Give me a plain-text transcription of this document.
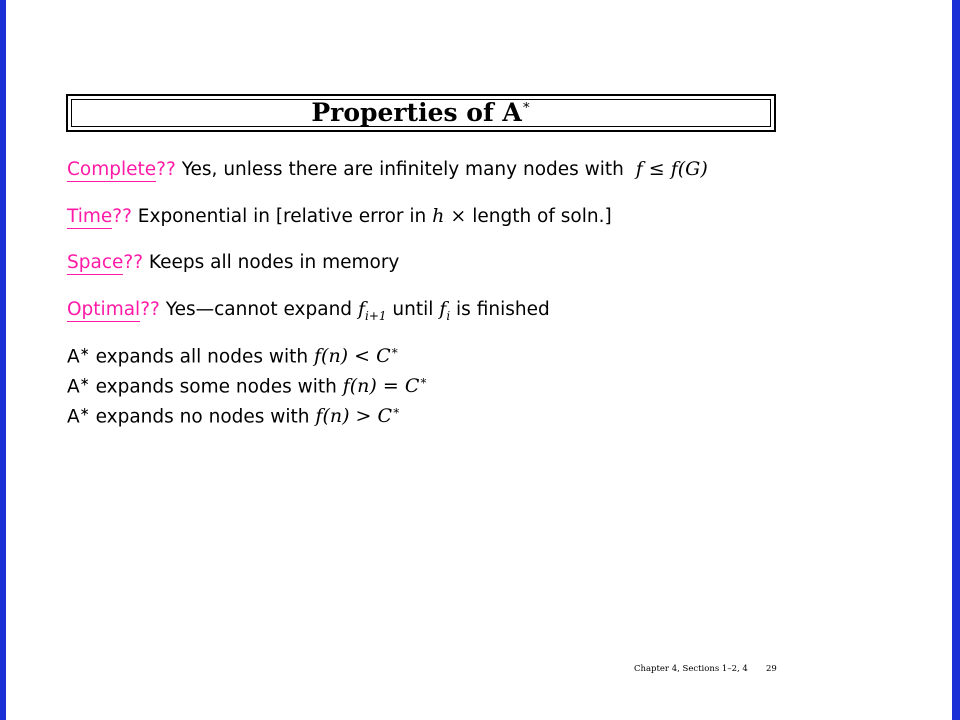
Properties of A∗
Complete?? Yes, unless there are infinitely many nodes with  f ≤ f(G)
Time?? Exponential in [relative error in h × length of soln.]
Space?? Keeps all nodes in memory
Optimal?? Yes—cannot expand $f_{i+1}$ until $f_i$ is finished
A∗ expands all nodes with f(n) < C∗
A∗ expands some nodes with f(n) = C∗
A∗ expands no nodes with f(n) > C∗
Chapter 4, Sections 1–2, 4 29
